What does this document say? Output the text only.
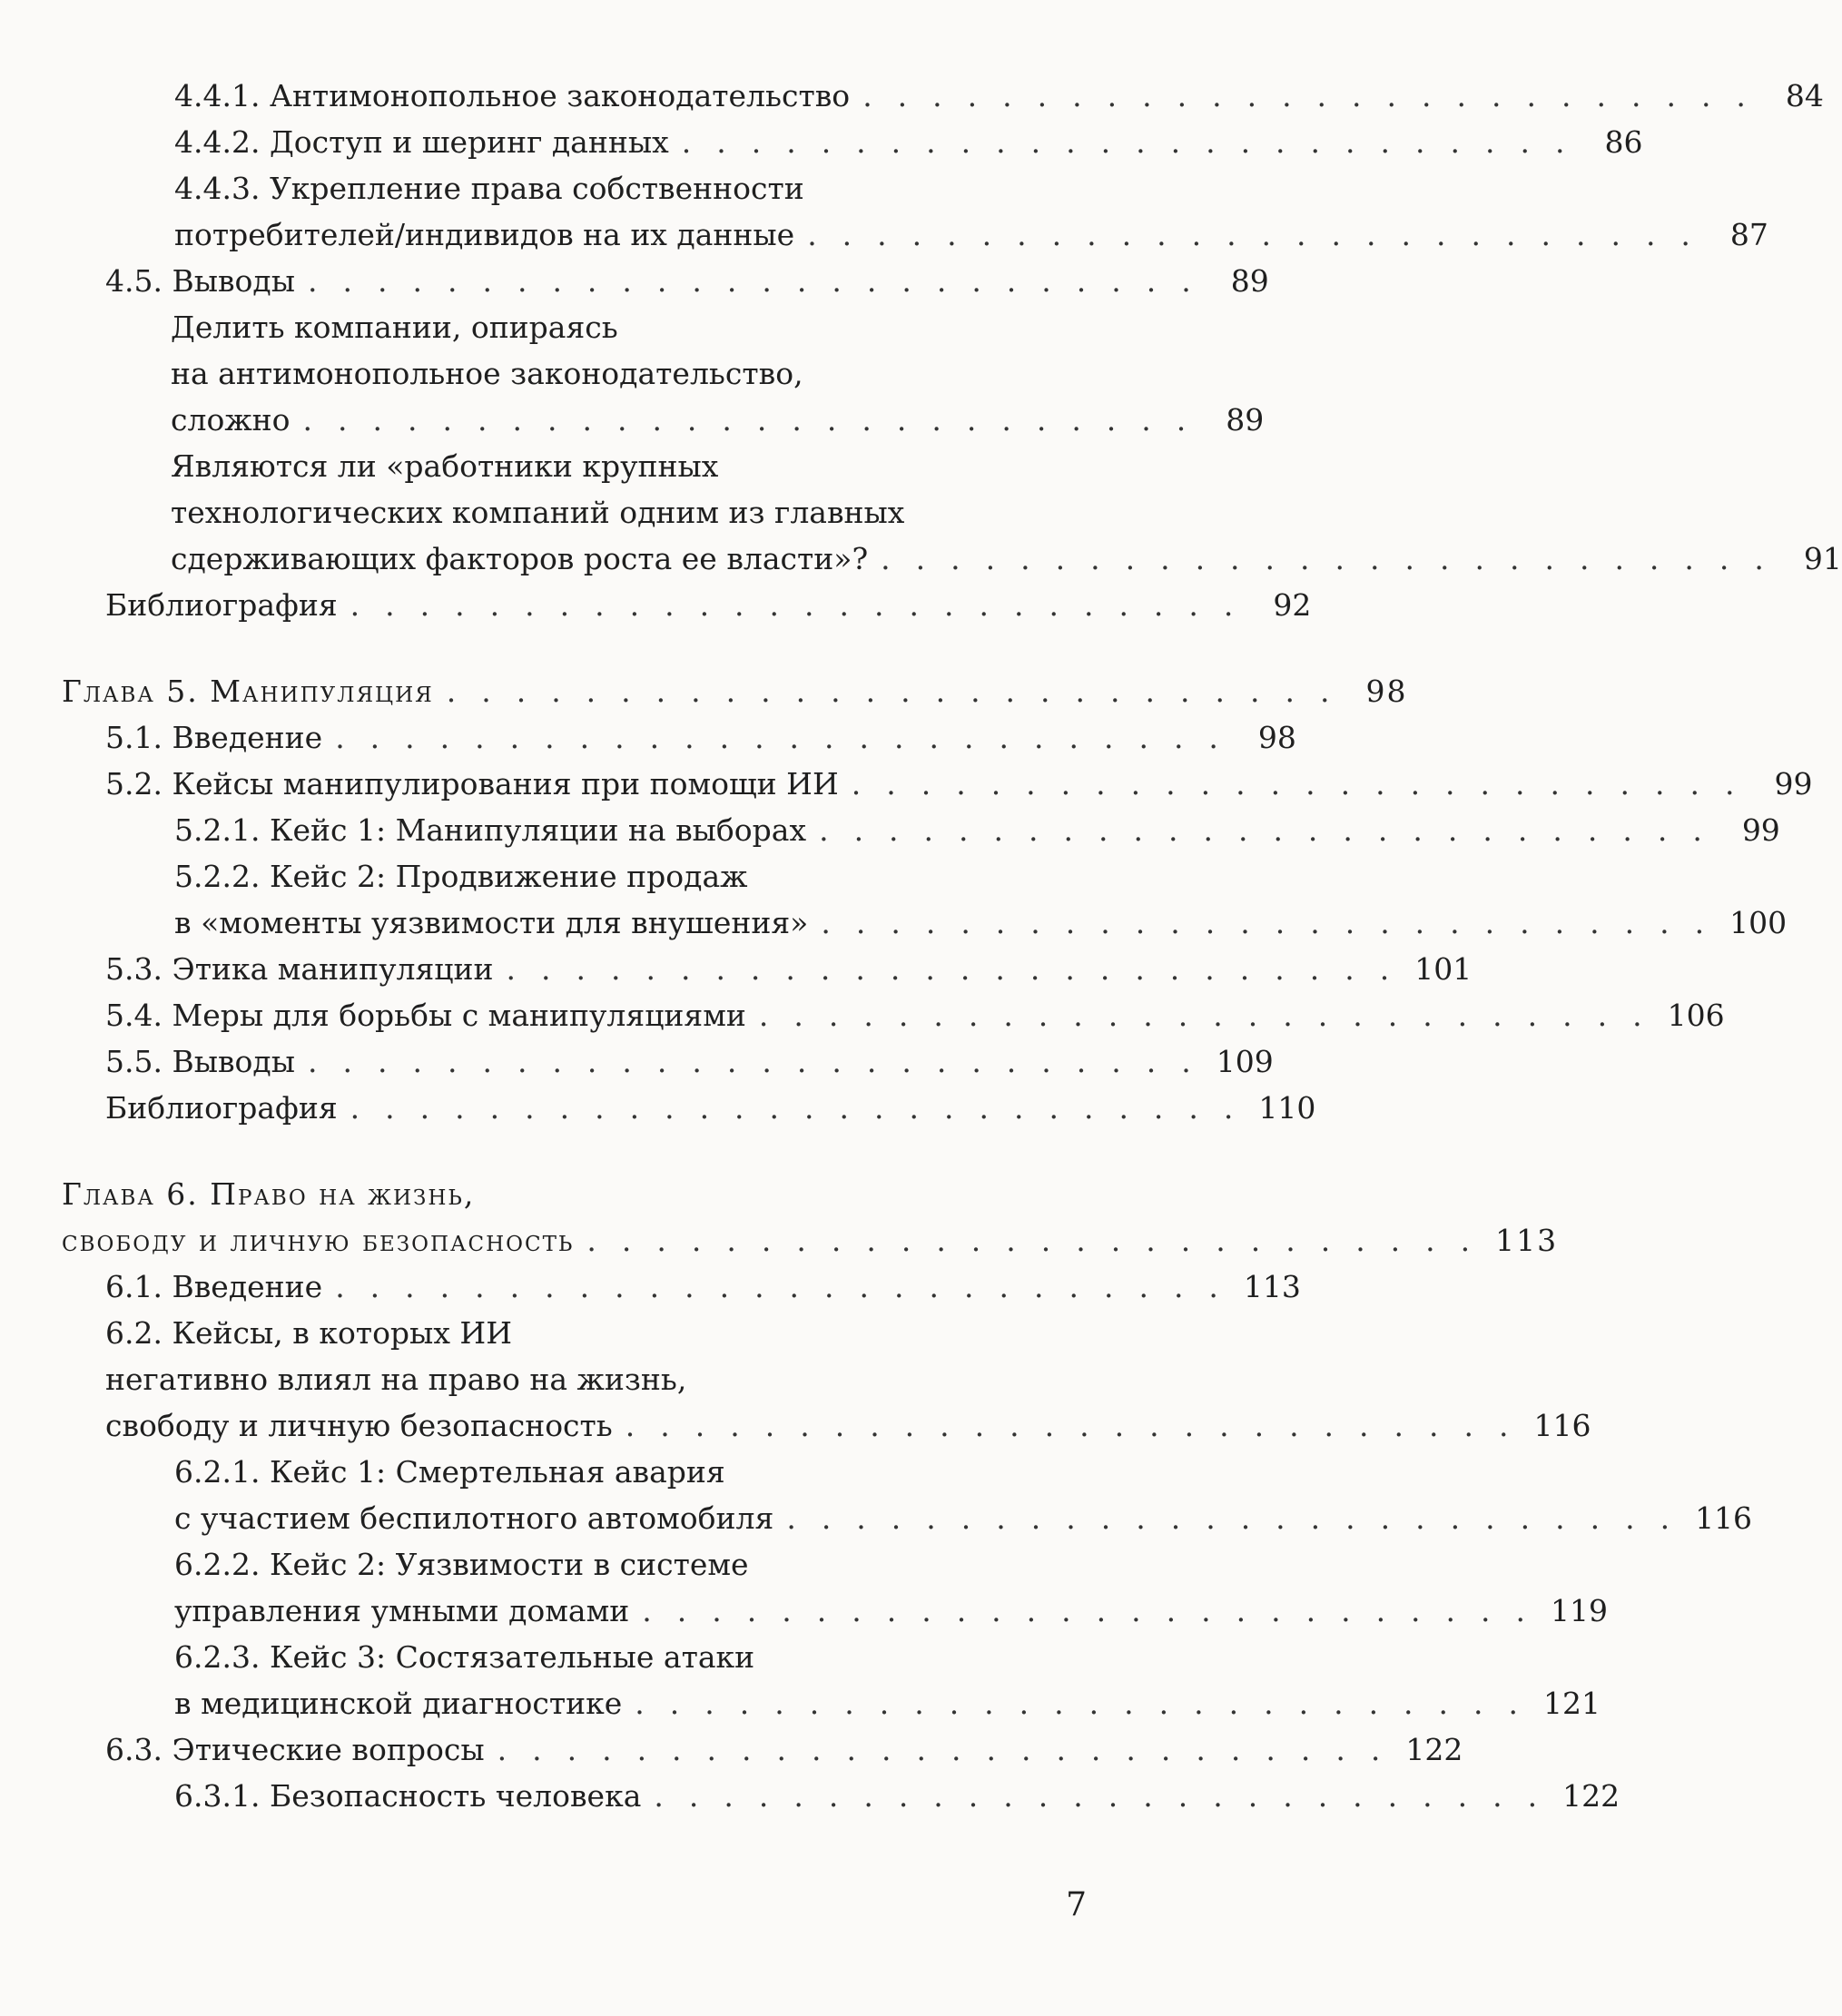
4.4.1. Антимонопольное законодательство .......................... 84
4.4.2. Доступ и шеринг данных .......................... 86
4.4.3. Укрепление права собственности
потребителей/индивидов на их данные .......................... 87
4.5. Выводы .......................... 89
Делить компании, опираясь
на антимонопольное законодательство,
сложно .......................... 89
Являются ли «работники крупных
технологических компаний одним из главных
сдерживающих факторов роста ее власти»? .......................... 91
Библиография .......................... 92
Глава 5. Манипуляция .......................... 98
5.1. Введение .......................... 98
5.2. Кейсы манипулирования при помощи ИИ .......................... 99
5.2.1. Кейс 1: Манипуляции на выборах .......................... 99
5.2.2. Кейс 2: Продвижение продаж
в «моменты уязвимости для внушения» .......................... 100
5.3. Этика манипуляции .......................... 101
5.4. Меры для борьбы с манипуляциями .......................... 106
5.5. Выводы .......................... 109
Библиография .......................... 110
Глава 6. Право на жизнь,
свободу и личную безопасность .......................... 113
6.1. Введение .......................... 113
6.2. Кейсы, в которых ИИ
негативно влиял на право на жизнь,
свободу и личную безопасность .......................... 116
6.2.1. Кейс 1: Смертельная авария
с участием беспилотного автомобиля .......................... 116
6.2.2. Кейс 2: Уязвимости в системе
управления умными домами .......................... 119
6.2.3. Кейс 3: Состязательные атаки
в медицинской диагностике .......................... 121
6.3. Этические вопросы .......................... 122
6.3.1. Безопасность человека .......................... 122
7
